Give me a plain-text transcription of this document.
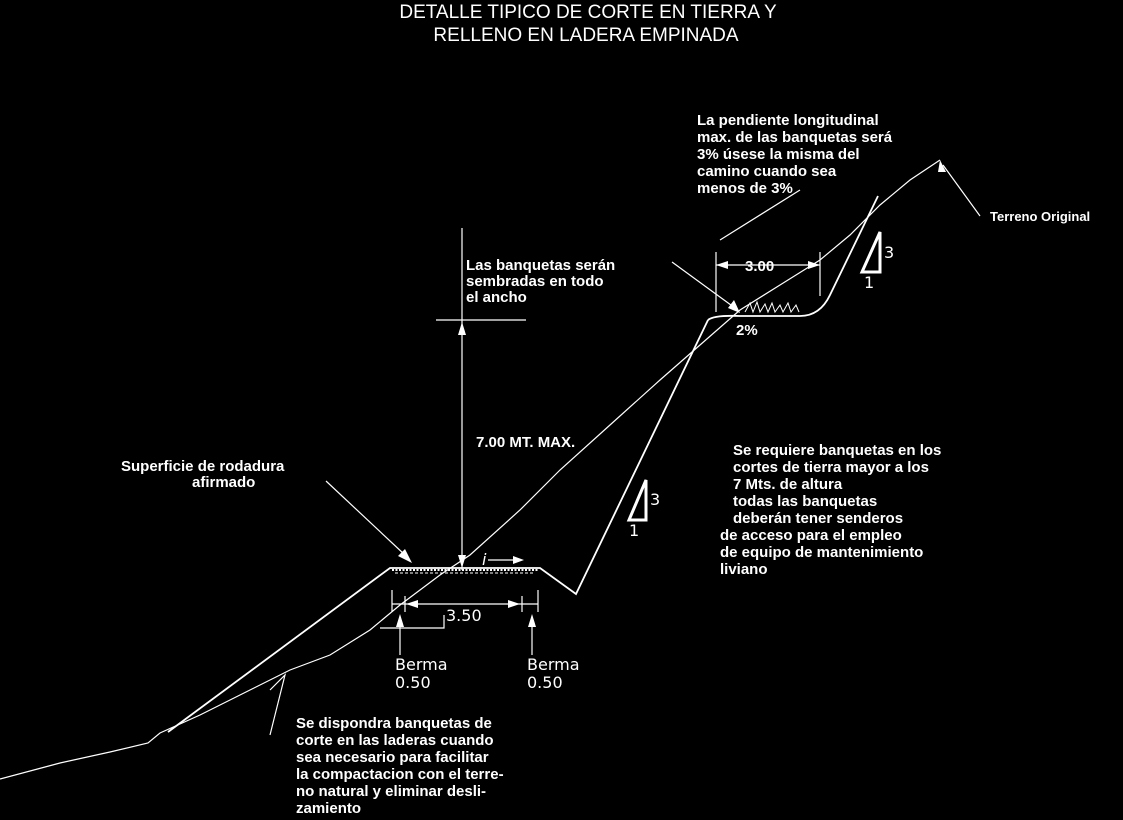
DETALLE TIPICO DE CORTE EN TIERRA Y
RELLENO EN LADERA EMPINADA
i
3
1
3
1
3.00
2%
7.00 MT. MAX.
3.50
Berma
0.50
Berma
0.50
La pendiente longitudinal
max. de las banquetas será
3% úsese la misma del
camino cuando sea
menos de 3%
Terreno Original
Las banquetas serán
sembradas en todo
el ancho
Se requiere banquetas en los
cortes de tierra mayor a los
7 Mts. de altura
todas las banquetas
deberán tener senderos
de acceso para el empleo
de equipo de mantenimiento
liviano
Superficie de rodadura
afirmado
Se dispondra banquetas de
corte en las laderas cuando
sea necesario para facilitar
la compactacion con el terre-
no natural y eliminar desli-
zamiento
